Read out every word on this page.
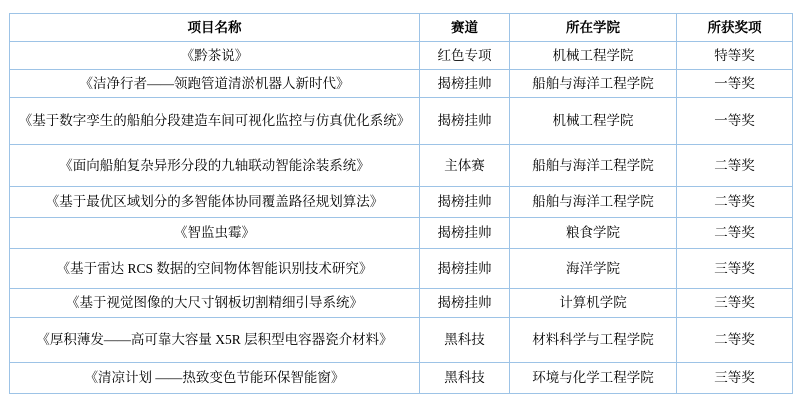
项目名称	赛道	所在学院	所获奖项
《黔茶说》	红色专项	机械工程学院	特等奖
《洁净行者——领跑管道清淤机器人新时代》	揭榜挂帅	船舶与海洋工程学院	一等奖
《基于数字孪生的船舶分段建造车间可视化监控与仿真优化系统》	揭榜挂帅	机械工程学院	一等奖
《面向船舶复杂异形分段的九轴联动智能涂装系统》	主体赛	船舶与海洋工程学院	二等奖
《基于最优区域划分的多智能体协同覆盖路径规划算法》	揭榜挂帅	船舶与海洋工程学院	二等奖
《智监虫霉》	揭榜挂帅	粮食学院	二等奖
《基于雷达 RCS 数据的空间物体智能识别技术研究》	揭榜挂帅	海洋学院	三等奖
《基于视觉图像的大尺寸钢板切割精细引导系统》	揭榜挂帅	计算机学院	三等奖
《厚积薄发——高可靠大容量 X5R 层积型电容器瓷介材料》	黑科技	材料科学与工程学院	二等奖
《清凉计划 ——热致变色节能环保智能窗》	黑科技	环境与化学工程学院	三等奖
